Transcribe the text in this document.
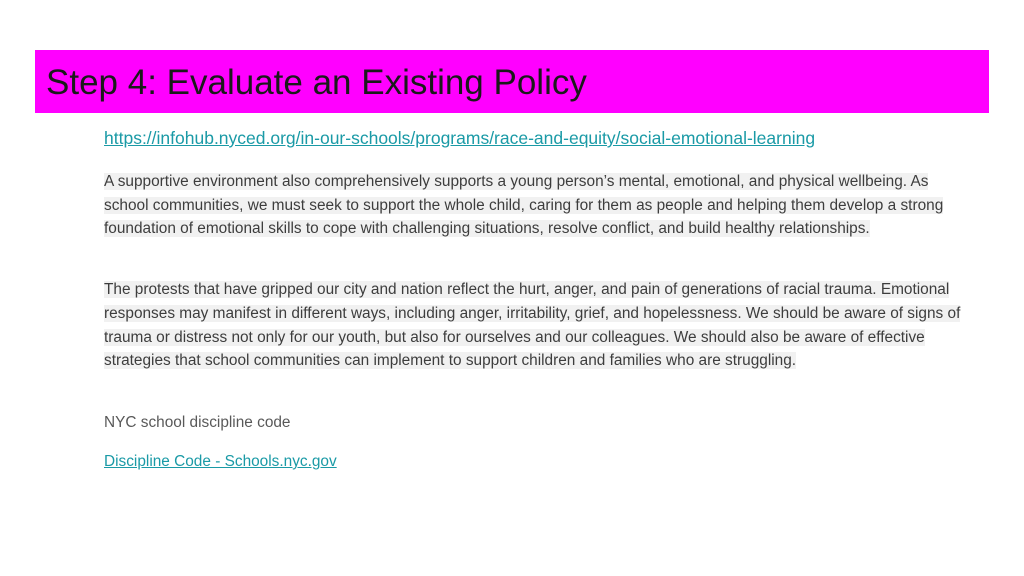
Step 4: Evaluate an Existing Policy
https://infohub.nyced.org/in-our-schools/programs/race-and-equity/social-emotional-learning
A supportive environment also comprehensively supports a young person’s mental, emotional, and physical wellbeing. As school communities, we must seek to support the whole child, caring for them as people and helping them develop a strong foundation of emotional skills to cope with challenging situations, resolve conflict, and build healthy relationships.
The protests that have gripped our city and nation reflect the hurt, anger, and pain of generations of racial trauma. Emotional responses may manifest in different ways, including anger, irritability, grief, and hopelessness. We should be aware of signs of trauma or distress not only for our youth, but also for ourselves and our colleagues. We should also be aware of effective strategies that school communities can implement to support children and families who are struggling.
NYC school discipline code
Discipline Code - Schools.nyc.gov
